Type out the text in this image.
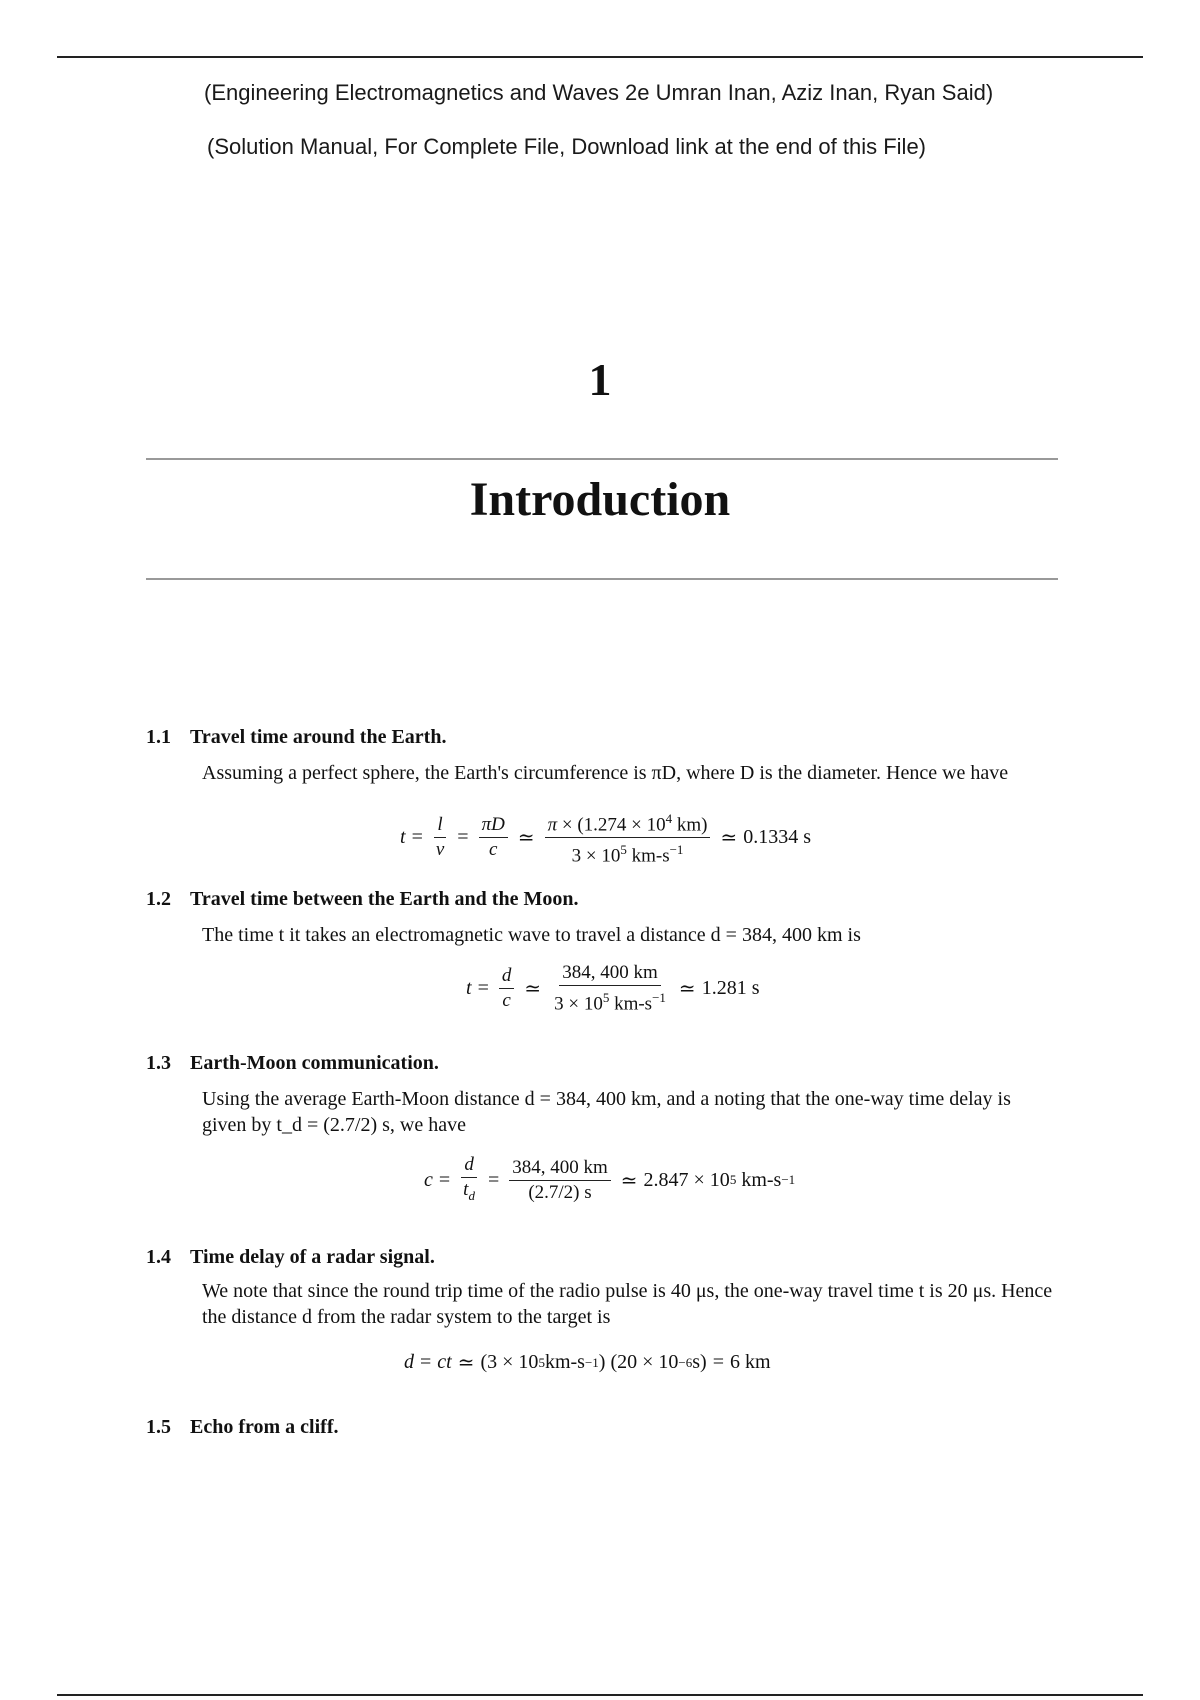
(Engineering Electromagnetics and Waves 2e Umran Inan, Aziz Inan, Ryan Said)
(Solution Manual, For Complete File, Download link at the end of this File)
1
Introduction
1.1 Travel time around the Earth.
Assuming a perfect sphere, the Earth's circumference is πD, where D is the diameter. Hence we have
$t = \frac{l}{v} = \frac{\pi D}{c}$ ≃ $\frac{\pi \times (1.274 \times 10^4 km)}{3 \times 10^5 km-s^{-1}}$ ≃ 0.1334 s
1.2 Travel time between the Earth and the Moon.
The time t it takes an electromagnetic wave to travel a distance d = 384, 400 km is
$t = \frac{d}{c}$ ≃ $\frac{384, 400 km}{3 \times 10^5 km-s^{-1}}$ ≃ 1.281 s
1.3 Earth-Moon communication.
Using the average Earth-Moon distance d = 384, 400 km, and a noting that the one-way time delay is given by t_d = (2.7/2) s, we have
$c = \frac{d}{t_d} = \frac{384, 400 km}{(2.7/2) s}$ ≃ 2.847 × 10 5 km-s −1
1.4 Time delay of a radar signal.
We note that since the round trip time of the radio pulse is 40 μs, the one-way travel time t is 20 μs. Hence the distance d from the radar system to the target is
d = ct ≃ (3 × 10 5 km-s −1 ) (20 × 10 −6 s) = 6 km
1.5 Echo from a cliff.
